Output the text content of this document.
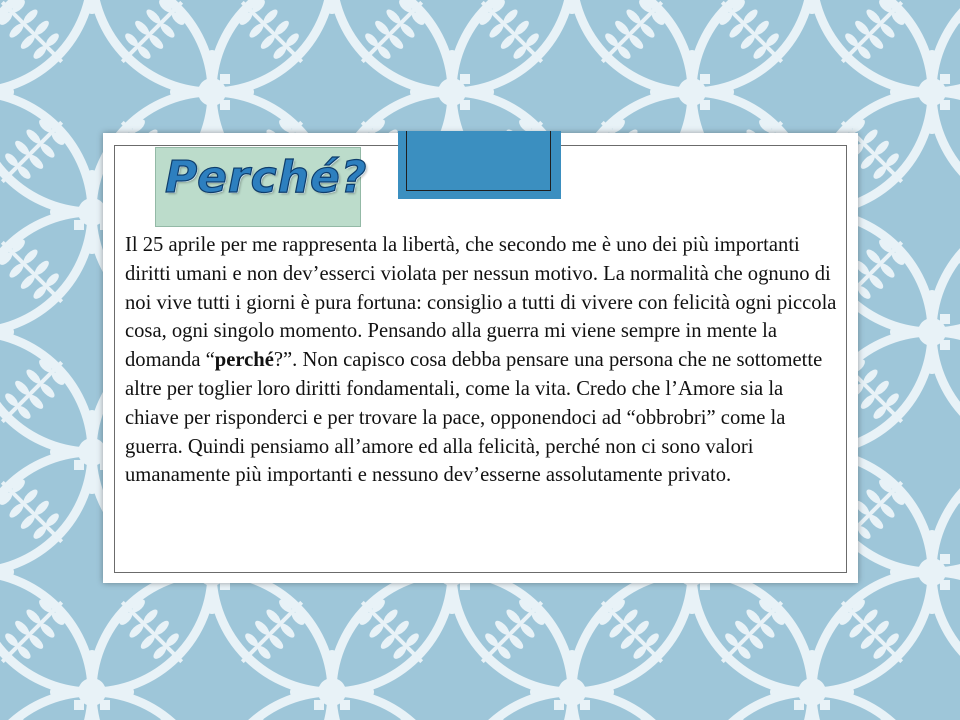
Perché?

Il 25 aprile per me rappresenta la libertà, che secondo me è uno dei più importanti diritti umani e non dev’esserci violata per nessun motivo. La normalità che ognuno di noi vive tutti i giorni è pura fortuna: consiglio a tutti di vivere con felicità ogni piccola cosa, ogni singolo momento. Pensando alla guerra mi viene sempre in mente la domanda “perché?”. Non capisco cosa debba pensare una persona che ne sottomette altre per toglier loro diritti fondamentali, come la vita. Credo che l’Amore sia la chiave per risponderci e per trovare la pace, opponendoci ad “obbrobri” come la guerra. Quindi pensiamo all’amore ed alla felicità, perché non ci sono valori umanamente più importanti e nessuno dev’esserne assolutamente privato.
